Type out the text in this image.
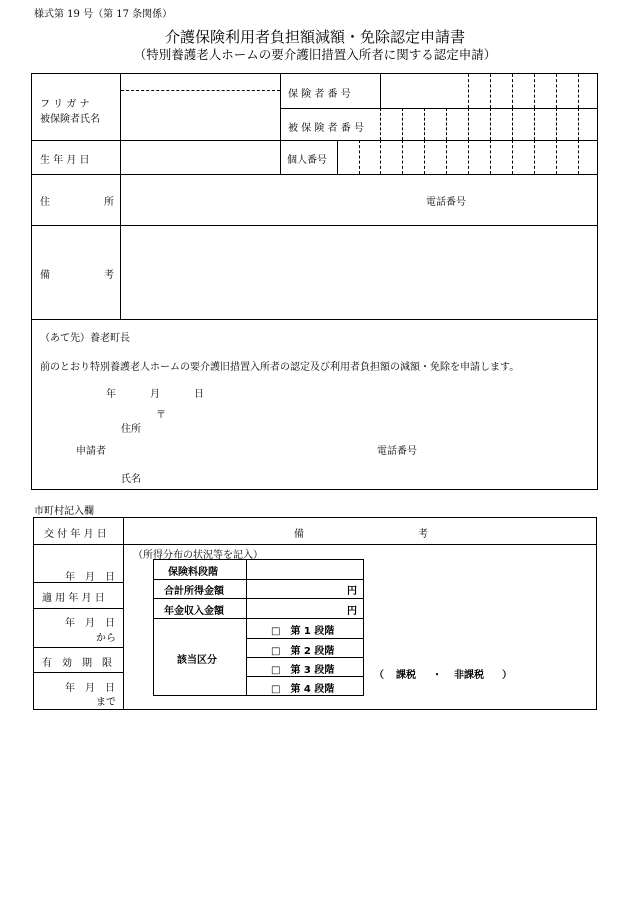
様式第 19 号（第 17 条関係）
介護保険利用者負担額減額・免除認定申請書
（特別養護老人ホームの要介護旧措置入所者に関する認定申請）
フ リ ガ ナ
被保険者氏名
保 険 者 番 号
被 保 険 者 番 号
生 年 月 日	個人番号
住	所	電話番号
備	考
（あて先）養老町長
前のとおり特別養護老人ホームの要介護旧措置入所者の認定及び利用者負担額の減額・免除を申請します。
年	月	日
〒
住所
申請者	電話番号
氏名
市町村記入欄
交 付 年 月 日	備	考
年　月　日
適 用 年 月 日
年　月　日
から
有　効　期　限
年　月　日
まで
（所得分布の状況等を記入）
保険料段階
合計所得金額	円
年金収入金額	円
該当区分
□　第 1 段階
□　第 2 段階
□　第 3 段階
□　第 4 段階
（ 課税 ・ 非課税 ）
